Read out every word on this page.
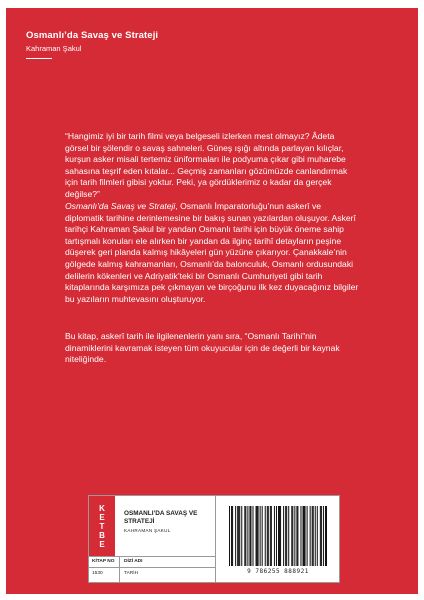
Osmanlı’da Savaş ve Strateji
Kahraman Şakul

“Hangimiz iyi bir tarih filmi veya belgeseli izlerken mest olmayız? Âdeta görsel bir şölendir o savaş sahneleri. Güneş ışığı altında parlayan kılıçlar, kurşun asker misali tertemiz üniformaları ile podyuma çıkar gibi muharebe sahasına teşrif eden kıtalar... Geçmiş zamanları gözümüzde canlandırmak için tarih filmleri gibisi yoktur. Peki, ya gördüklerimiz o kadar da gerçek değilse?”

Osmanlı’da Savaş ve Strateji, Osmanlı İmparatorluğu’nun askerî ve diplomatik tarihine derinlemesine bir bakış sunan yazılardan oluşuyor. Askerî tarihçi Kahraman Şakul bir yandan Osmanlı tarihi için büyük öneme sahip tartışmalı konuları ele alırken bir yandan da ilginç tarihî detayların peşine düşerek geri planda kalmış hikâyeleri gün yüzüne çıkarıyor. Çanakkale’nin gölgede kalmış kahramanları, Osmanlı’da balonculuk, Osmanlı ordusundaki delilerin kökenleri ve Adriyatik’teki bir Osmanlı Cumhuriyeti gibi tarih kitaplarında karşımıza pek çıkmayan ve birçoğunu ilk kez duyacağınız bilgiler bu yazıların muhtevasını oluşturuyor.

Bu kitap, askerî tarih ile ilgilenenlerin yanı sıra, “Osmanlı Tarihi”nin dinamiklerini kavramak isteyen tüm okuyucular için de değerli bir kaynak niteliğinde.

K
E
T
B
E
OSMANLI’DA SAVAŞ VE STRATEJİ
KAHRAMAN ŞAKUL
KİTAP NO	DİZİ ADI
1530	TARİH	9 786255 888921
